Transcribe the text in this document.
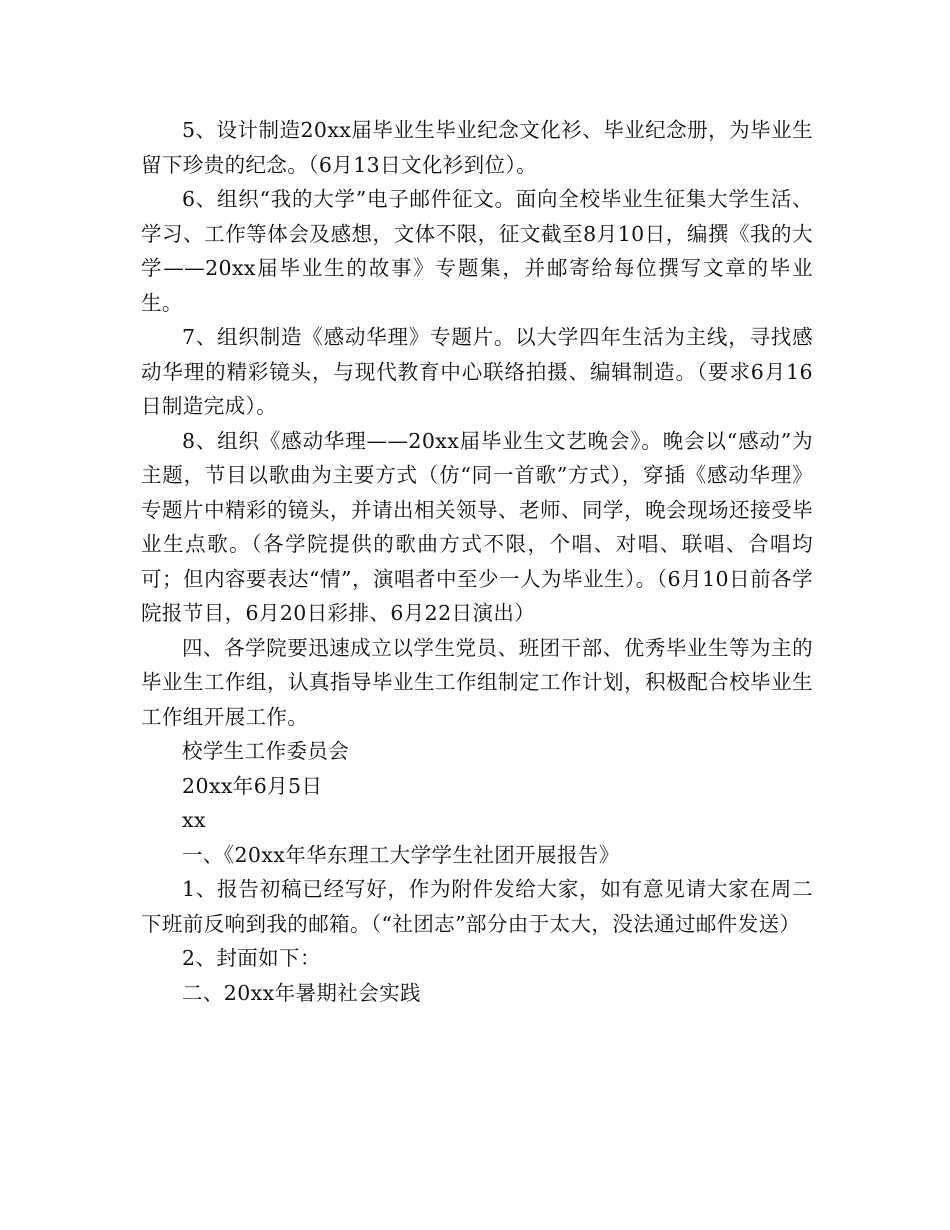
5、设计制造20xx届毕业生毕业纪念文化衫、毕业纪念册，为毕业生留下珍贵的纪念。（6月13日文化衫到位）。

6、组织“我的大学”电子邮件征文。面向全校毕业生征集大学生活、学习、工作等体会及感想，文体不限，征文截至8月10日，编撰《我的大学——20xx届毕业生的故事》专题集，并邮寄给每位撰写文章的毕业生。

7、组织制造《感动华理》专题片。以大学四年生活为主线，寻找感动华理的精彩镜头，与现代教育中心联络拍摄、编辑制造。（要求6月16日制造完成）。

8、组织《感动华理——20xx届毕业生文艺晚会》。晚会以“感动”为主题，节目以歌曲为主要方式（仿“同一首歌”方式），穿插《感动华理》专题片中精彩的镜头，并请出相关领导、老师、同学，晚会现场还接受毕业生点歌。（各学院提供的歌曲方式不限，个唱、对唱、联唱、合唱均可；但内容要表达“情”，演唱者中至少一人为毕业生）。（6月10日前各学院报节目，6月20日彩排、6月22日演出）

四、各学院要迅速成立以学生党员、班团干部、优秀毕业生等为主的毕业生工作组，认真指导毕业生工作组制定工作计划，积极配合校毕业生工作组开展工作。

校学生工作委员会

20xx年6月5日

xx

一、《20xx年华东理工大学学生社团开展报告》

1、报告初稿已经写好，作为附件发给大家，如有意见请大家在周二下班前反响到我的邮箱。（“社团志”部分由于太大，没法通过邮件发送）

2、封面如下：

二、20xx年暑期社会实践
